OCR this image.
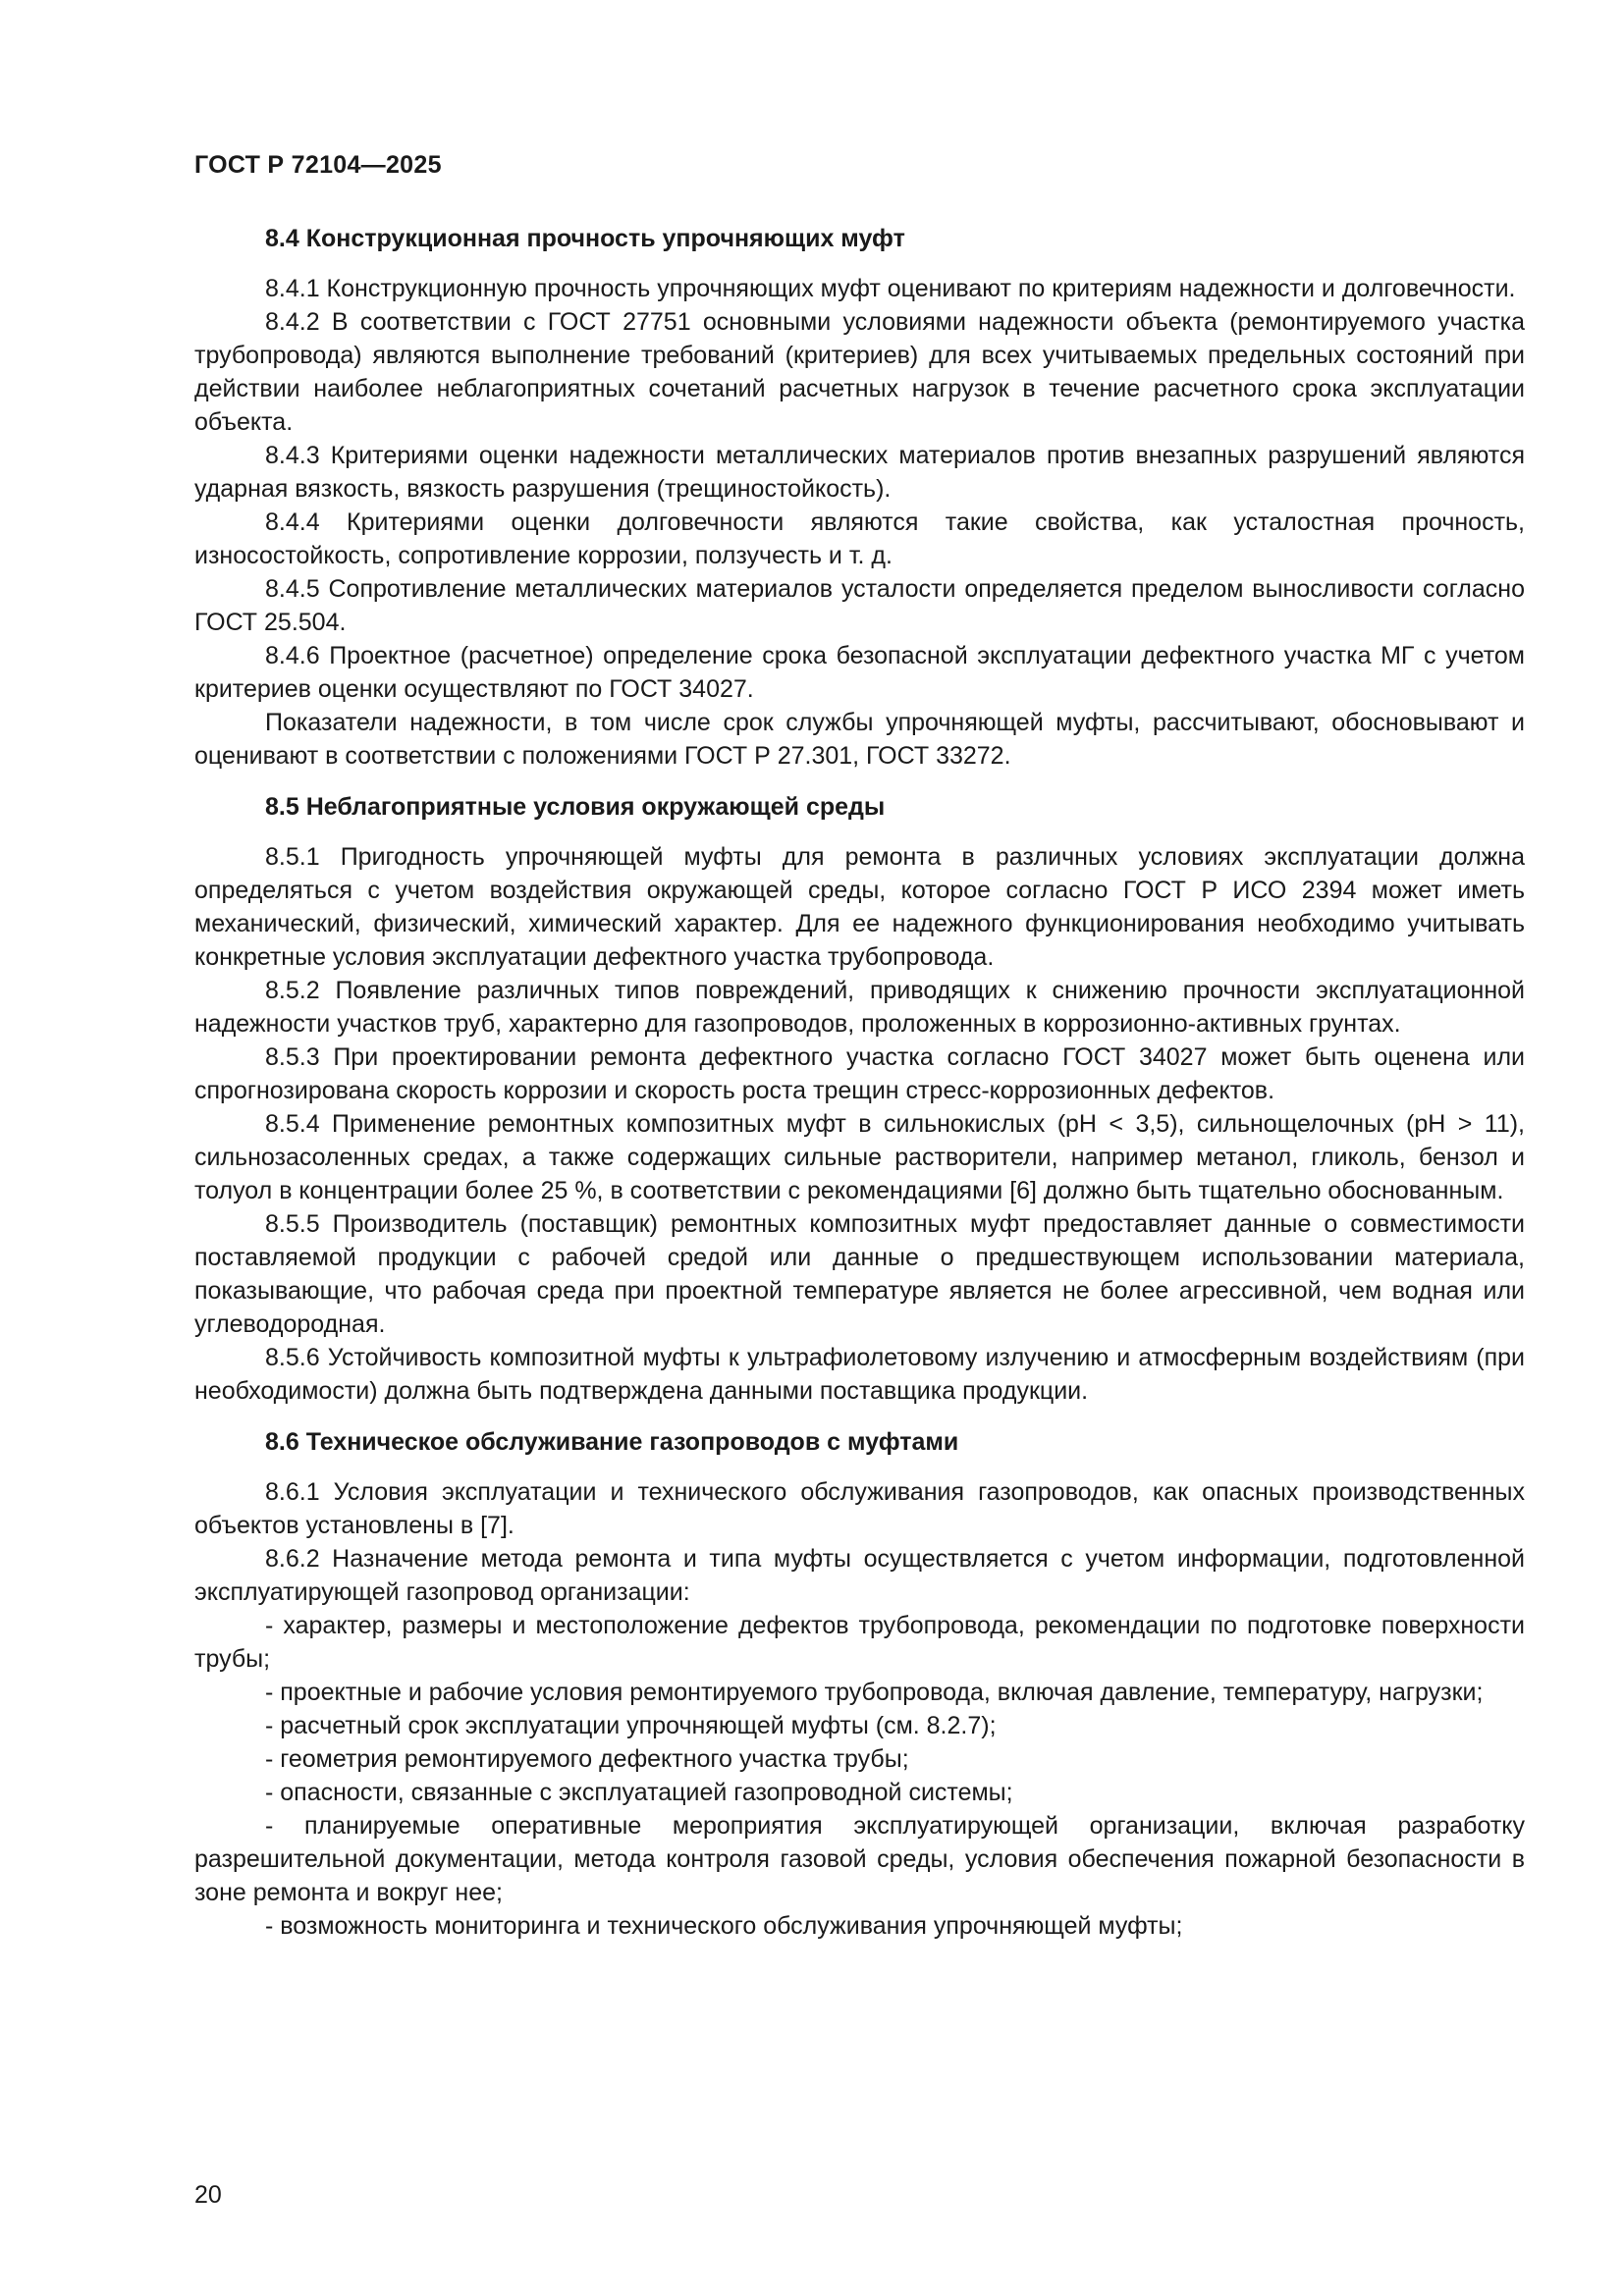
ГОСТ Р 72104—2025

8.4 Конструкционная прочность упрочняющих муфт

8.4.1 Конструкционную прочность упрочняющих муфт оценивают по критериям надежности и долговечности.

8.4.2 В соответствии с ГОСТ 27751 основными условиями надежности объекта (ремонтируемого участка трубопровода) являются выполнение требований (критериев) для всех учитываемых предельных состояний при действии наиболее неблагоприятных сочетаний расчетных нагрузок в течение расчетного срока эксплуатации объекта.

8.4.3 Критериями оценки надежности металлических материалов против внезапных разрушений являются ударная вязкость, вязкость разрушения (трещиностойкость).

8.4.4 Критериями оценки долговечности являются такие свойства, как усталостная прочность, износостойкость, сопротивление коррозии, ползучесть и т. д.

8.4.5 Сопротивление металлических материалов усталости определяется пределом выносливости согласно ГОСТ 25.504.

8.4.6 Проектное (расчетное) определение срока безопасной эксплуатации дефектного участка МГ с учетом критериев оценки осуществляют по ГОСТ 34027.

Показатели надежности, в том числе срок службы упрочняющей муфты, рассчитывают, обосновывают и оценивают в соответствии с положениями ГОСТ Р 27.301, ГОСТ 33272.

8.5 Неблагоприятные условия окружающей среды

8.5.1 Пригодность упрочняющей муфты для ремонта в различных условиях эксплуатации должна определяться с учетом воздействия окружающей среды, которое согласно ГОСТ Р ИСО 2394 может иметь механический, физический, химический характер. Для ее надежного функционирования необходимо учитывать конкретные условия эксплуатации дефектного участка трубопровода.

8.5.2 Появление различных типов повреждений, приводящих к снижению прочности эксплуатационной надежности участков труб, характерно для газопроводов, проложенных в коррозионно-активных грунтах.

8.5.3 При проектировании ремонта дефектного участка согласно ГОСТ 34027 может быть оценена или спрогнозирована скорость коррозии и скорость роста трещин стресс-коррозионных дефектов.

8.5.4 Применение ремонтных композитных муфт в сильнокислых (pH < 3,5), сильнощелочных (pH > 11), сильнозасоленных средах, а также содержащих сильные растворители, например метанол, гликоль, бензол и толуол в концентрации более 25 %, в соответствии с рекомендациями [6] должно быть тщательно обоснованным.

8.5.5 Производитель (поставщик) ремонтных композитных муфт предоставляет данные о совместимости поставляемой продукции с рабочей средой или данные о предшествующем использовании материала, показывающие, что рабочая среда при проектной температуре является не более агрессивной, чем водная или углеводородная.

8.5.6 Устойчивость композитной муфты к ультрафиолетовому излучению и атмосферным воздействиям (при необходимости) должна быть подтверждена данными поставщика продукции.

8.6 Техническое обслуживание газопроводов с муфтами

8.6.1 Условия эксплуатации и технического обслуживания газопроводов, как опасных производственных объектов установлены в [7].

8.6.2 Назначение метода ремонта и типа муфты осуществляется с учетом информации, подготовленной эксплуатирующей газопровод организации:

- характер, размеры и местоположение дефектов трубопровода, рекомендации по подготовке поверхности трубы;

- проектные и рабочие условия ремонтируемого трубопровода, включая давление, температуру, нагрузки;

- расчетный срок эксплуатации упрочняющей муфты (см. 8.2.7);

- геометрия ремонтируемого дефектного участка трубы;

- опасности, связанные с эксплуатацией газопроводной системы;

- планируемые оперативные мероприятия эксплуатирующей организации, включая разработку разрешительной документации, метода контроля газовой среды, условия обеспечения пожарной безопасности в зоне ремонта и вокруг нее;

- возможность мониторинга и технического обслуживания упрочняющей муфты;

20
